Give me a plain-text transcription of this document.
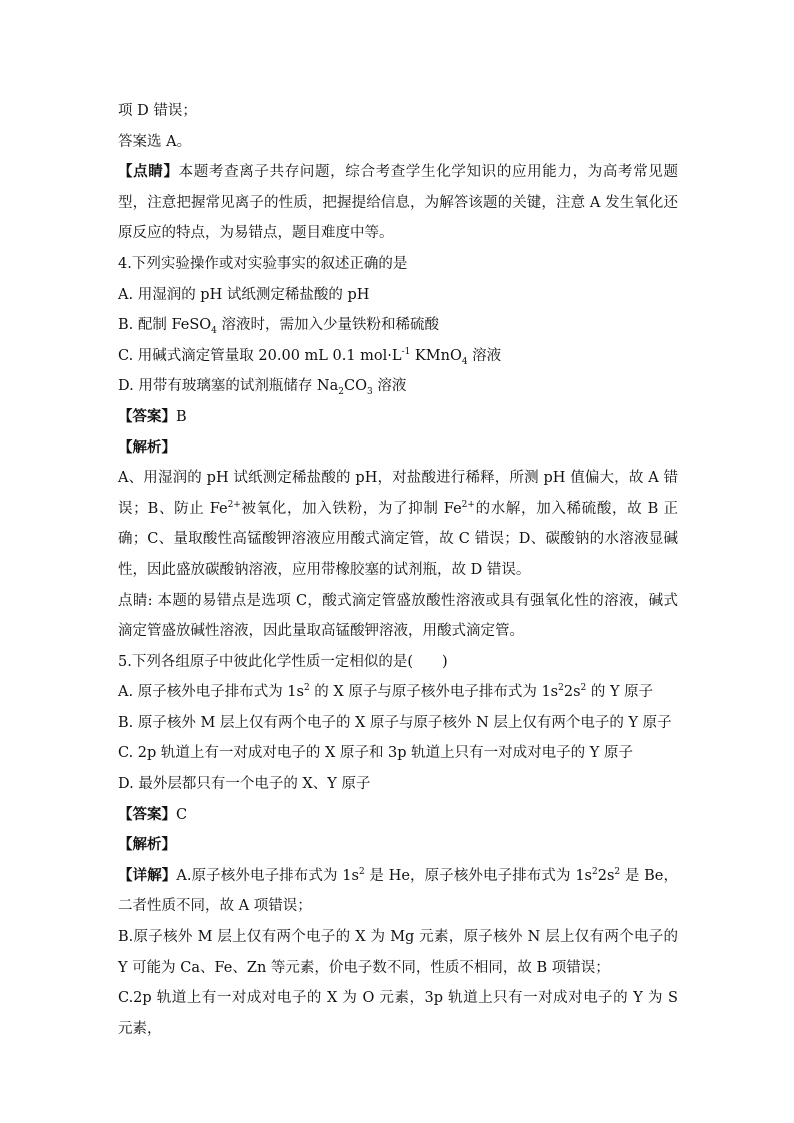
项 D 错误；
答案选 A。
【点睛】本题考查离子共存问题，综合考查学生化学知识的应用能力，为高考常见题型，注意把握常见离子的性质，把握提给信息，为解答该题的关键，注意 A 发生氧化还原反应的特点，为易错点，题目难度中等。
4.下列实验操作或对实验事实的叙述正确的是
A. 用湿润的 pH 试纸测定稀盐酸的 pH
B. 配制 FeSO$_4$ 溶液时，需加入少量铁粉和稀硫酸
C. 用碱式滴定管量取 20.00 mL 0.1 $mol\cdot L^{-1}$ KMnO$_4$ 溶液
D. 用带有玻璃塞的试剂瓶储存 $Na_2CO_3$ 溶液
【答案】B
【解析】
A、用湿润的 pH 试纸测定稀盐酸的 pH，对盐酸进行稀释，所测 pH 值偏大，故 A 错误；B、防止 $Fe^{2+}$被氧化，加入铁粉，为了抑制 $Fe^{2+}$的水解，加入稀硫酸，故 B 正确；C、量取酸性高锰酸钾溶液应用酸式滴定管，故 C 错误；D、碳酸钠的水溶液显碱性，因此盛放碳酸钠溶液，应用带橡胶塞的试剂瓶，故 D 错误。
点睛: 本题的易错点是选项 C，酸式滴定管盛放酸性溶液或具有强氧化性的溶液，碱式滴定管盛放碱性溶液，因此量取高锰酸钾溶液，用酸式滴定管。
5.下列各组原子中彼此化学性质一定相似的是(　　)
A. 原子核外电子排布式为 $1s^2$ 的 X 原子与原子核外电子排布式为 $1s^22s^2$ 的 Y 原子
B. 原子核外 M 层上仅有两个电子的 X 原子与原子核外 N 层上仅有两个电子的 Y 原子
C. 2p 轨道上有一对成对电子的 X 原子和 3p 轨道上只有一对成对电子的 Y 原子
D. 最外层都只有一个电子的 X、Y 原子
【答案】C
【解析】
【详解】A.原子核外电子排布式为 $1s^2$ 是 He，原子核外电子排布式为 $1s^22s^2$ 是 Be，二者性质不同，故 A 项错误；
B.原子核外 M 层上仅有两个电子的 X 为 Mg 元素，原子核外 N 层上仅有两个电子的 Y 可能为 Ca、Fe、Zn 等元素，价电子数不同，性质不相同，故 B 项错误；
C.2p 轨道上有一对成对电子的 X 为 O 元素，3p 轨道上只有一对成对电子的 Y 为 S 元素，
